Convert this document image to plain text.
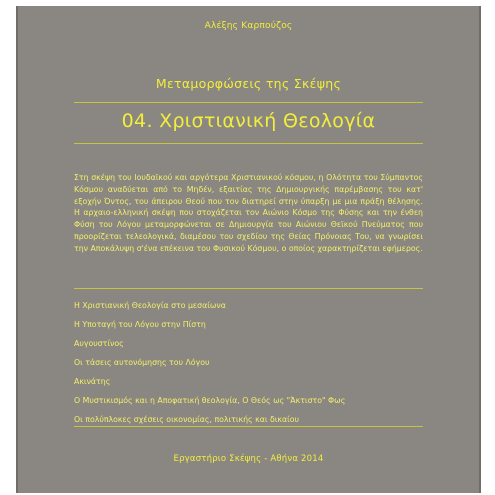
Αλέξης Καρπούζος
Μεταμορφώσεις της Σκέψης
04. Χριστιανική Θεολογία
Στη σκέψη του Ιουδαϊκού και αργότερα Χριστιανικού κόσμου, η Ολότητα του Σύμπαντος Κόσμου αναδύεται από το Μηδέν, εξαιτίας της Δημιουργικής παρέμβασης του κατ' εξοχήν Όντος, του άπειρου Θεού που τον διατηρεί στην ύπαρξη με μια πράξη θέλησης. Η αρχαιο-ελληνική σκέψη που στοχάζεται τον Αιώνιο Κόσμο της Φύσης και την ένθεη Φύση του Λόγου μεταμορφώνεται σε Δημιουργία του Αιώνιου Θεϊκού Πνεύματος που προορίζεται τελεολογικά, διαμέσου του σχεδίου της Θείας Πρόνοιας Του, να γνωρίσει την Αποκάλυψη σ'ένα επέκεινα του Φυσικού Κόσμου, ο οποίος χαρακτηρίζεται εφήμερος.
Η Χριστιανική Θεολογία στο μεσαίωνα
Η Υποταγή του Λόγου στην Πίστη
Αυγουστίνος
Οι τάσεις αυτονόμησης του Λόγου
Ακινάτης
Ο Μυστικισμός και η Αποφατική θεολογία, Ο Θεός ως "Άκτιστο" Φως
Οι πολύπλοκες σχέσεις οικονομίας, πολιτικής και δικαίου
Εργαστήριο Σκέψης - Αθήνα 2014
